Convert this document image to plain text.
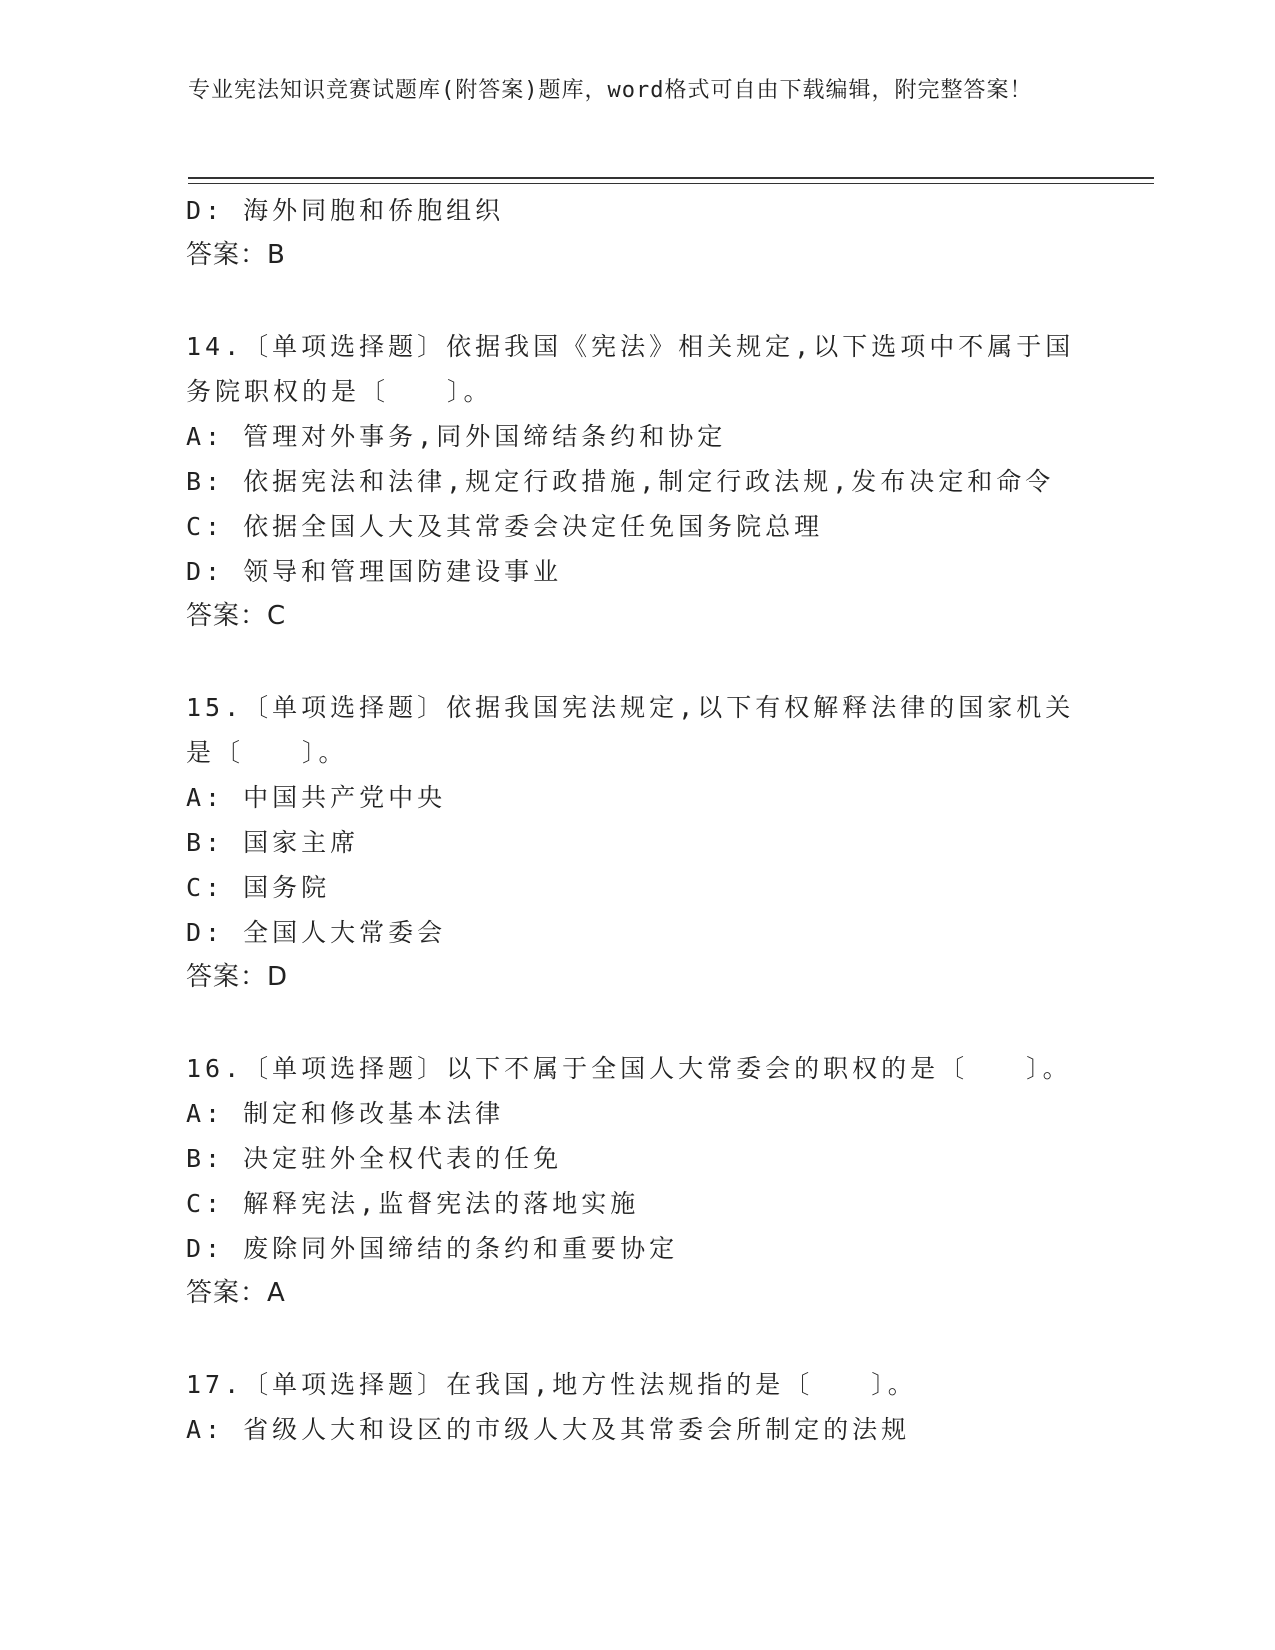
专业宪法知识竞赛试题库(附答案)题库，word格式可自由下载编辑，附完整答案！
D: 海外同胞和侨胞组织
答案：B
14.〔单项选择题〕依据我国《宪法》相关规定,以下选项中不属于国
务院职权的是〔　　〕。
A: 管理对外事务,同外国缔结条约和协定
B: 依据宪法和法律,规定行政措施,制定行政法规,发布决定和命令
C: 依据全国人大及其常委会决定任免国务院总理
D: 领导和管理国防建设事业
答案：C
15.〔单项选择题〕依据我国宪法规定,以下有权解释法律的国家机关
是〔　　〕。
A: 中国共产党中央
B: 国家主席
C: 国务院
D: 全国人大常委会
答案：D
16.〔单项选择题〕以下不属于全国人大常委会的职权的是〔　　〕。
A: 制定和修改基本法律
B: 决定驻外全权代表的任免
C: 解释宪法,监督宪法的落地实施
D: 废除同外国缔结的条约和重要协定
答案：A
17.〔单项选择题〕在我国,地方性法规指的是〔　　〕。
A: 省级人大和设区的市级人大及其常委会所制定的法规
